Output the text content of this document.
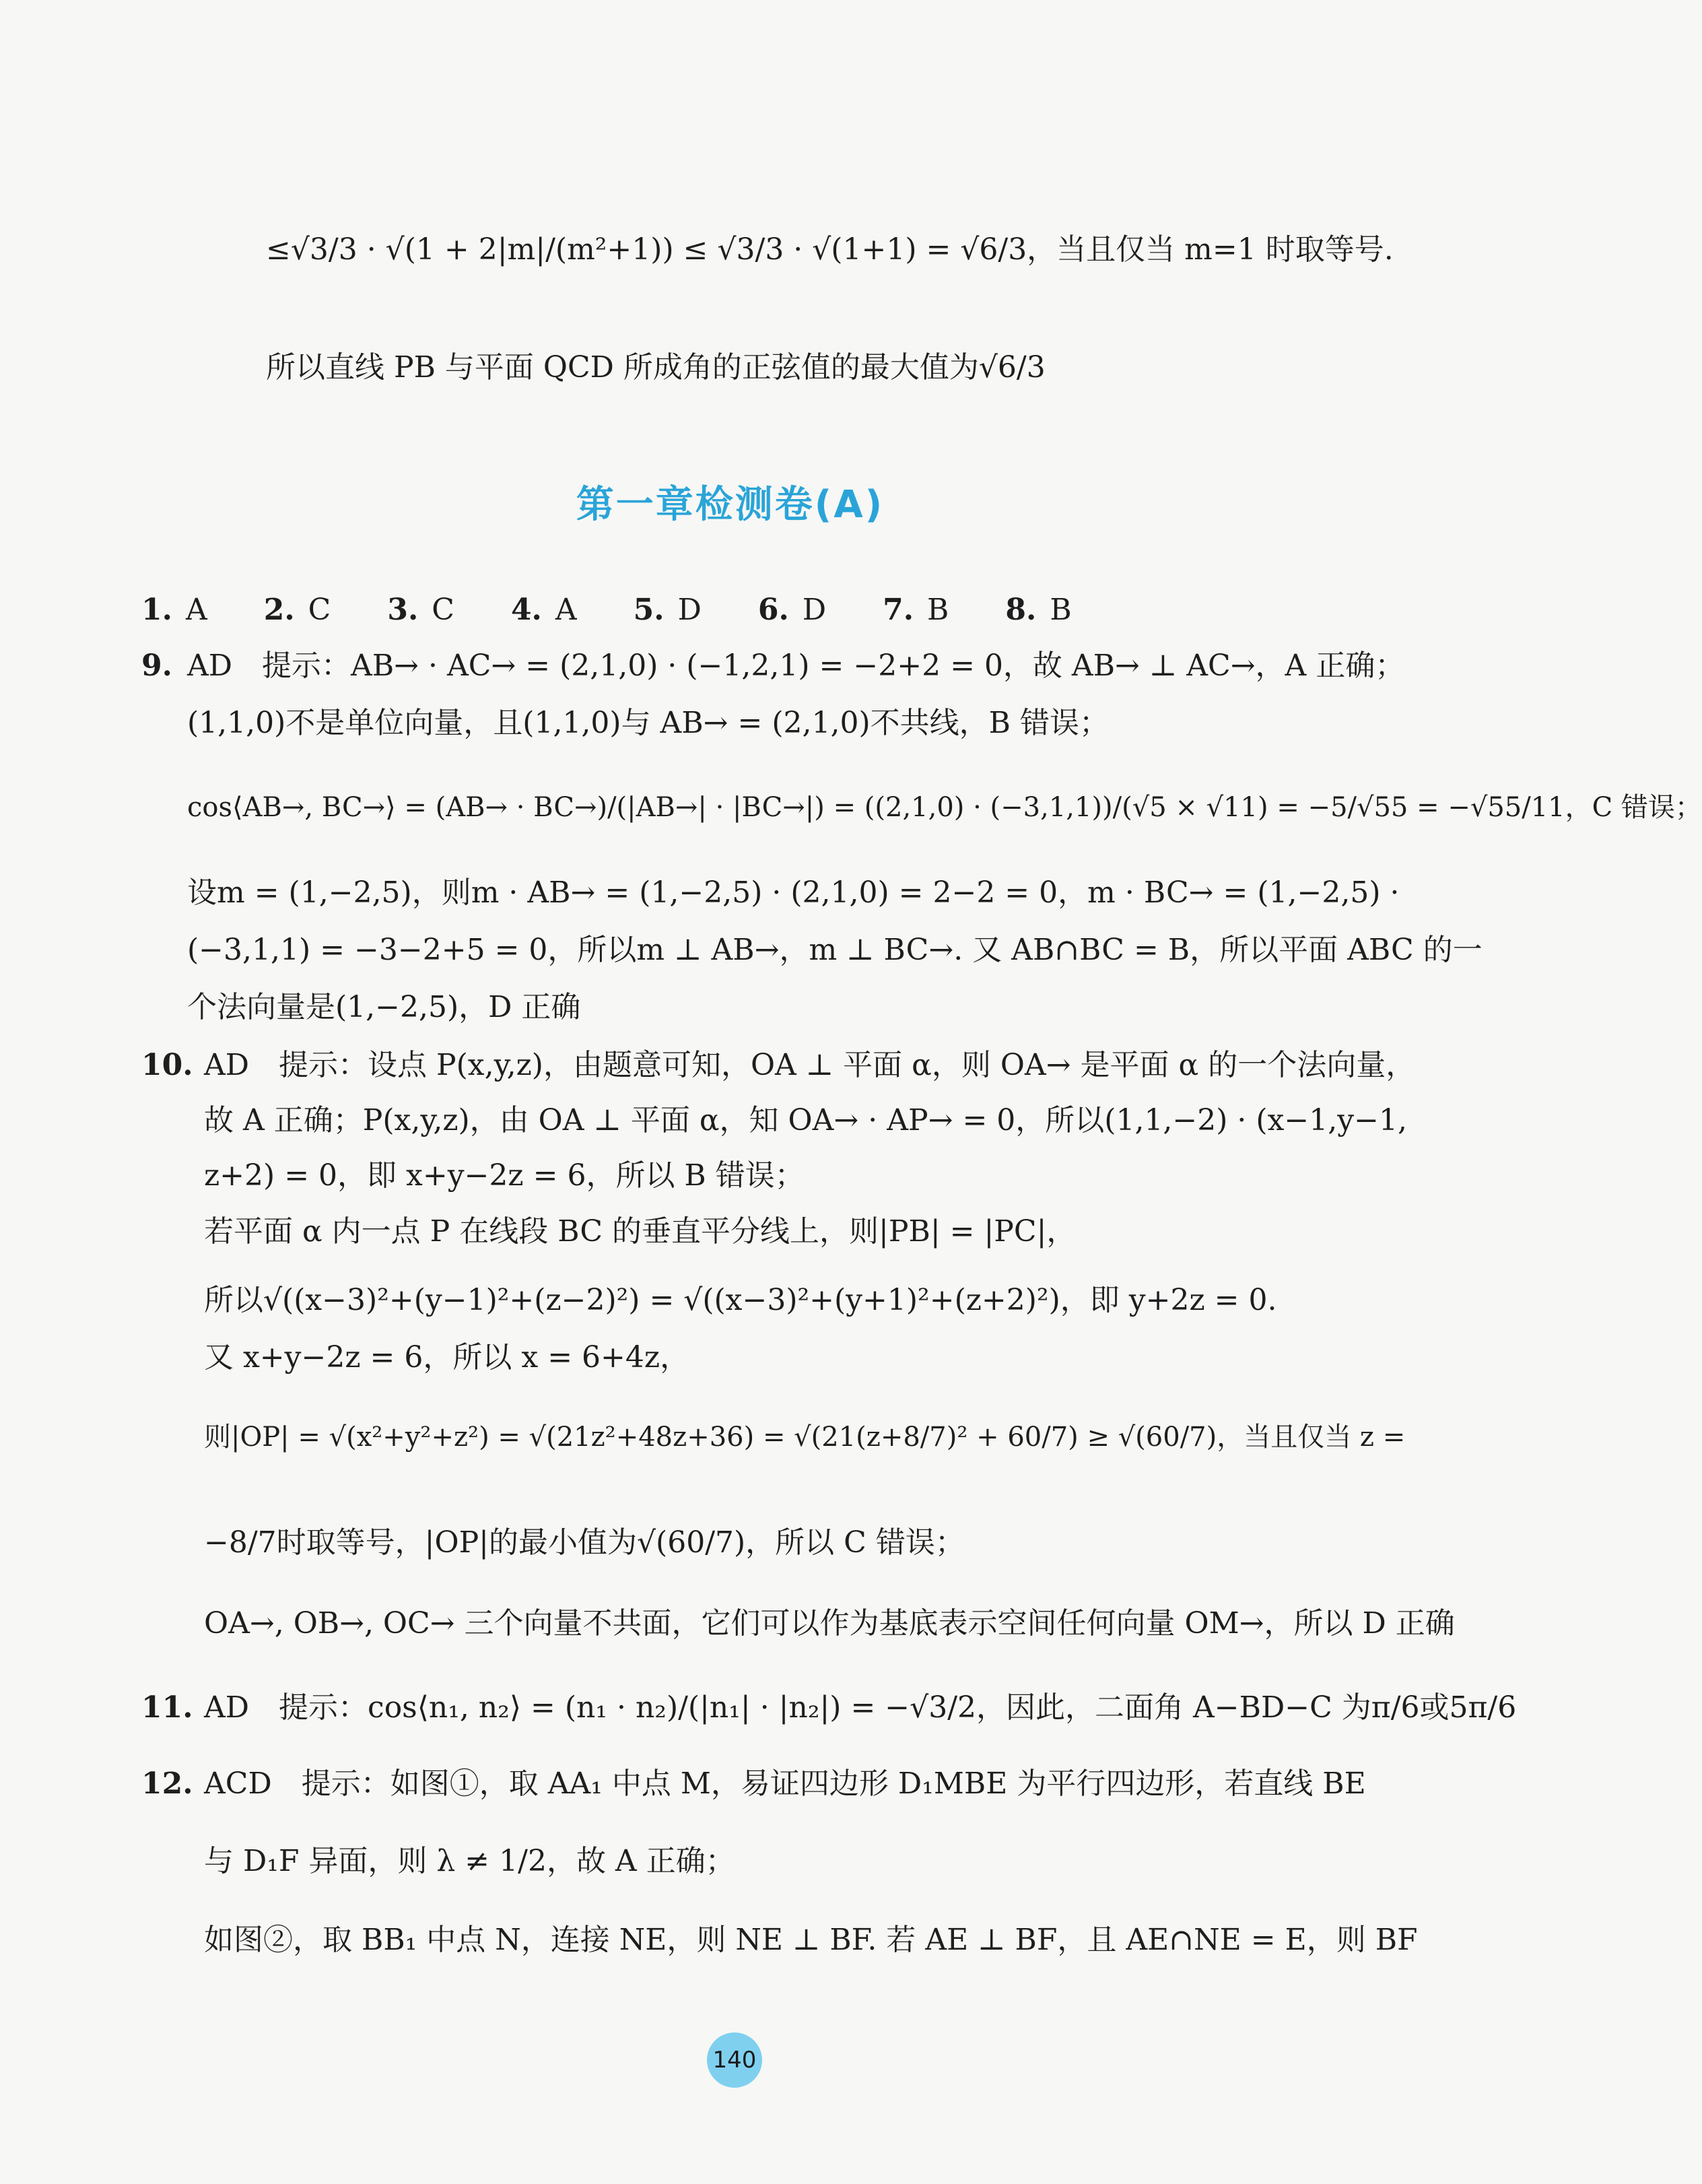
≤√3/3 · √(1 + 2|m|/(m²+1)) ≤ √3/3 · √(1+1) = √6/3，当且仅当 m=1 时取等号.
所以直线 PB 与平面 QCD 所成角的正弦值的最大值为√6/3
第一章检测卷(A)
1. A 2. C 3. C 4. A 5. D 6. D 7. B 8. B
9. AD　提示：AB→ · AC→ = (2,1,0) · (−1,2,1) = −2+2 = 0，故 AB→ ⊥ AC→，A 正确；
(1,1,0)不是单位向量，且(1,1,0)与 AB→ = (2,1,0)不共线，B 错误；
cos⟨AB→, BC→⟩ = (AB→ · BC→)/(|AB→| · |BC→|) = ((2,1,0) · (−3,1,1))/(√5 × √11) = −5/√55 = −√55/11，C 错误；
设m = (1,−2,5)，则m · AB→ = (1,−2,5) · (2,1,0) = 2−2 = 0，m · BC→ = (1,−2,5) ·
(−3,1,1) = −3−2+5 = 0，所以m ⊥ AB→，m ⊥ BC→. 又 AB∩BC = B，所以平面 ABC 的一
个法向量是(1,−2,5)，D 正确
10. AD　提示：设点 P(x,y,z)，由题意可知，OA ⊥ 平面 α，则 OA→ 是平面 α 的一个法向量，
故 A 正确；P(x,y,z)，由 OA ⊥ 平面 α，知 OA→ · AP→ = 0，所以(1,1,−2) · (x−1,y−1,
z+2) = 0，即 x+y−2z = 6，所以 B 错误；
若平面 α 内一点 P 在线段 BC 的垂直平分线上，则|PB| = |PC|，
所以√((x−3)²+(y−1)²+(z−2)²) = √((x−3)²+(y+1)²+(z+2)²)，即 y+2z = 0.
又 x+y−2z = 6，所以 x = 6+4z，
则|OP| = √(x²+y²+z²) = √(21z²+48z+36) = √(21(z+8/7)² + 60/7) ≥ √(60/7)，当且仅当 z =
−8/7时取等号，|OP|的最小值为√(60/7)，所以 C 错误；
OA→, OB→, OC→ 三个向量不共面，它们可以作为基底表示空间任何向量 OM→，所以 D 正确
11. AD　提示：cos⟨n₁, n₂⟩ = (n₁ · n₂)/(|n₁| · |n₂|) = −√3/2，因此，二面角 A−BD−C 为π/6或5π/6
12. ACD　提示：如图①，取 AA₁ 中点 M，易证四边形 D₁MBE 为平行四边形，若直线 BE
与 D₁F 异面，则 λ ≠ 1/2，故 A 正确；
如图②，取 BB₁ 中点 N，连接 NE，则 NE ⊥ BF. 若 AE ⊥ BF，且 AE∩NE = E，则 BF
140
